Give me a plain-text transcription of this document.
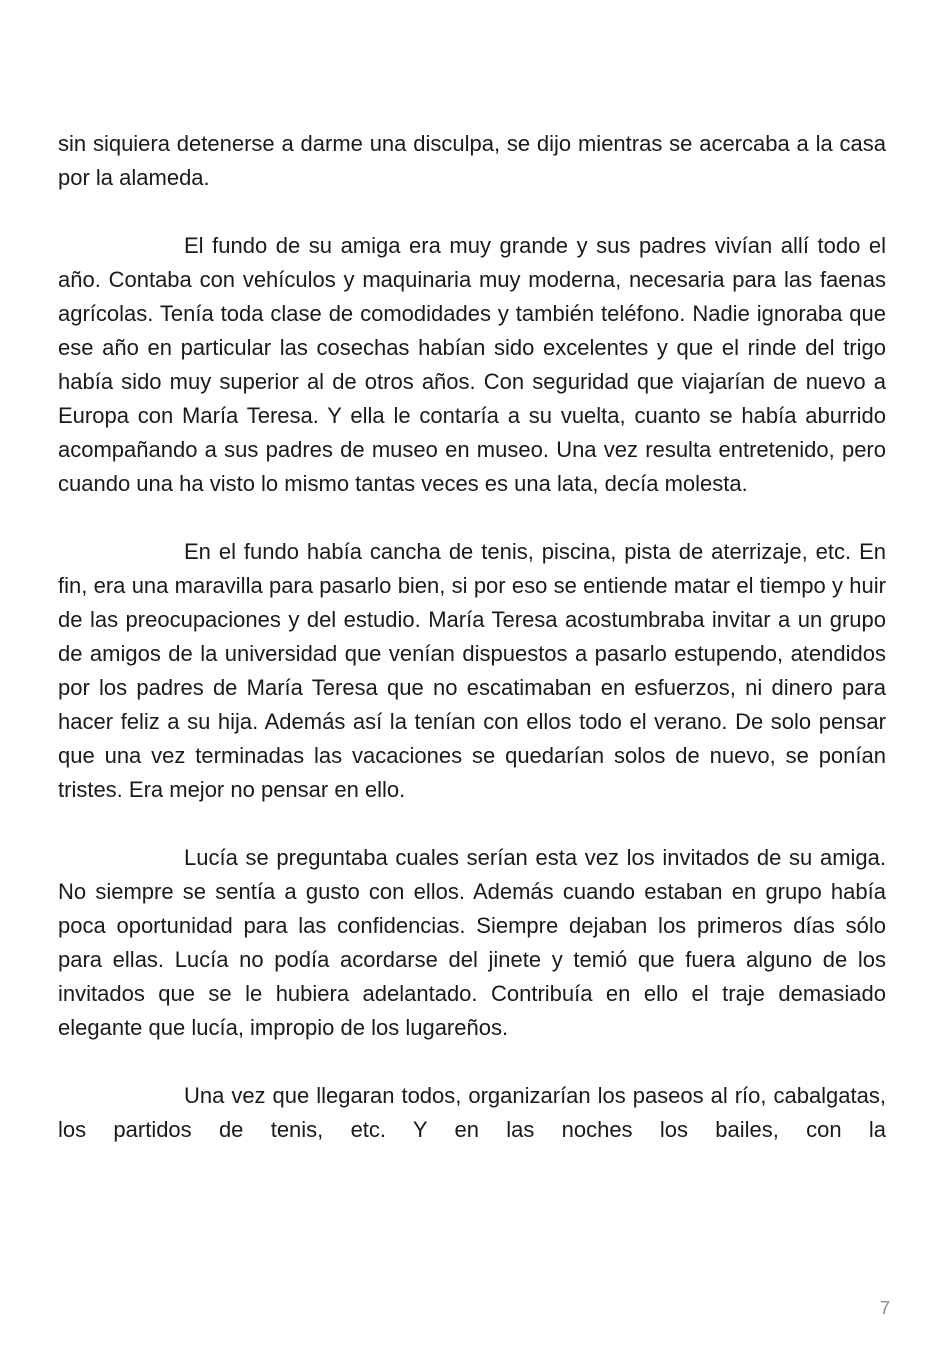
sin siquiera detenerse a darme una disculpa, se dijo mientras se acercaba a la casa por la alameda.

El fundo de su amiga era muy grande y sus padres vivían allí todo el año. Contaba con vehículos y maquinaria muy moderna, necesaria para las faenas agrícolas. Tenía toda clase de comodidades y también teléfono. Nadie ignoraba que ese año en particular las cosechas habían sido excelentes y que el rinde del trigo había sido muy superior al de otros años. Con seguridad que viajarían de nuevo a Europa con María Teresa. Y ella le contaría a su vuelta, cuanto se había aburrido acompañando a sus padres de museo en museo. Una vez resulta entretenido, pero cuando una ha visto lo mismo tantas veces es una lata, decía molesta.

En el fundo había cancha de tenis, piscina, pista de aterrizaje, etc. En fin, era una maravilla para pasarlo bien, si por eso se entiende matar el tiempo y huir de las preocupaciones y del estudio. María Teresa acostumbraba invitar a un grupo de amigos de la universidad que venían dispuestos a pasarlo estupendo, atendidos por los padres de María Teresa que no escatimaban en esfuerzos, ni dinero para hacer feliz a su hija. Además así la tenían con ellos todo el verano. De solo pensar que una vez terminadas las vacaciones se quedarían solos de nuevo, se ponían tristes. Era mejor no pensar en ello.

Lucía se preguntaba cuales serían esta vez los invitados de su amiga. No siempre se sentía a gusto con ellos. Además cuando estaban en grupo había poca oportunidad para las confidencias. Siempre dejaban los primeros días sólo para ellas. Lucía no podía acordarse del jinete y temió que fuera alguno de los invitados que se le hubiera adelantado. Contribuía en ello el traje demasiado elegante que lucía, impropio de los lugareños.

Una vez que llegaran todos, organizarían los paseos al río, cabalgatas, los partidos de tenis, etc. Y en las noches los bailes, con la

7
